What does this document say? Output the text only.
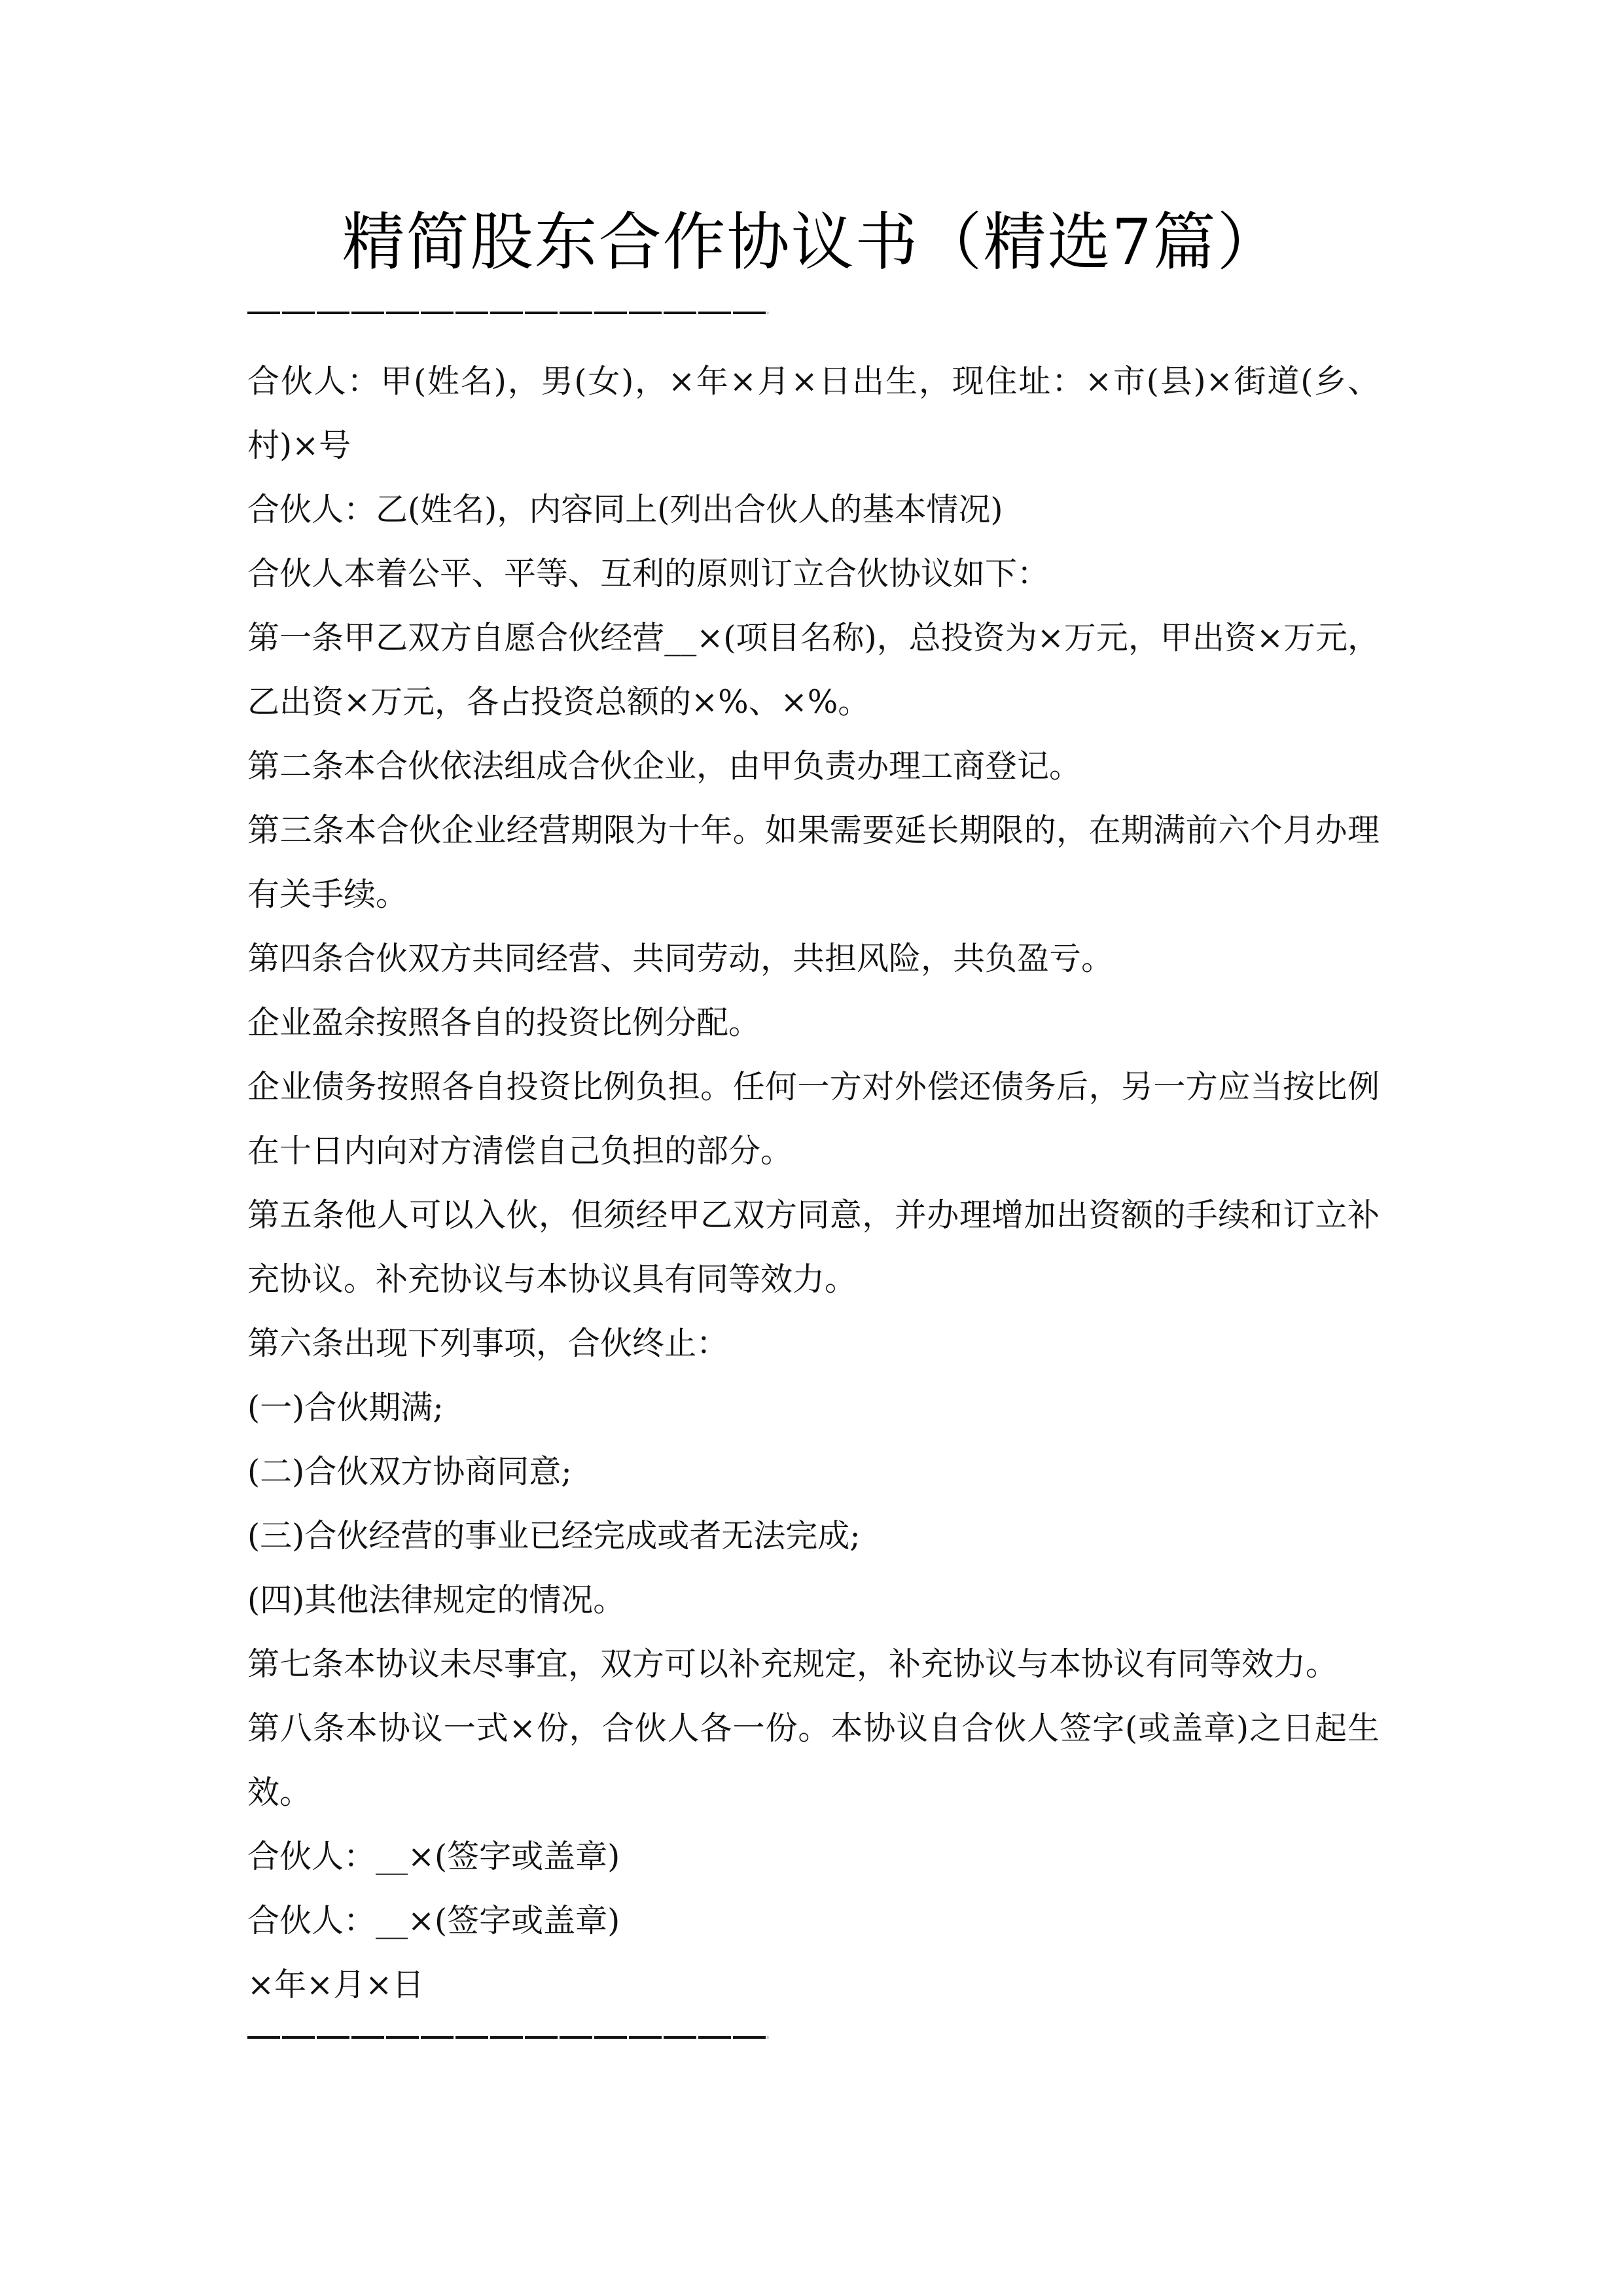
精简股东合作协议书（精选7篇）

合伙人：甲(姓名)，男(女)，×年×月×日出生，现住址：×市(县)×街道(乡、村)×号

合伙人：乙(姓名)，内容同上(列出合伙人的基本情况)

合伙人本着公平、平等、互利的原则订立合伙协议如下：

第一条甲乙双方自愿合伙经营__×(项目名称)，总投资为×万元，甲出资×万元，乙出资×万元，各占投资总额的×%、×%。

第二条本合伙依法组成合伙企业，由甲负责办理工商登记。

第三条本合伙企业经营期限为十年。如果需要延长期限的，在期满前六个月办理有关手续。

第四条合伙双方共同经营、共同劳动，共担风险，共负盈亏。

企业盈余按照各自的投资比例分配。

企业债务按照各自投资比例负担。任何一方对外偿还债务后，另一方应当按比例在十日内向对方清偿自己负担的部分。

第五条他人可以入伙，但须经甲乙双方同意，并办理增加出资额的手续和订立补充协议。补充协议与本协议具有同等效力。

第六条出现下列事项，合伙终止：

(一)合伙期满;

(二)合伙双方协商同意;

(三)合伙经营的事业已经完成或者无法完成;

(四)其他法律规定的情况。

第七条本协议未尽事宜，双方可以补充规定，补充协议与本协议有同等效力。

第八条本协议一式×份，合伙人各一份。本协议自合伙人签字(或盖章)之日起生效。

合伙人：__×(签字或盖章)

合伙人：__×(签字或盖章)

×年×月×日
